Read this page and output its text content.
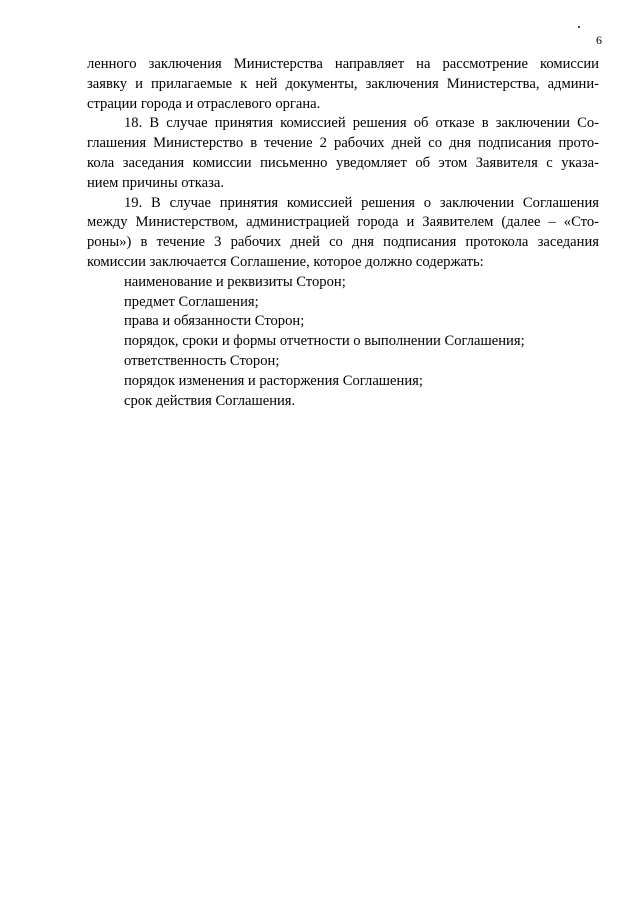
6

ленного заключения Министерства направляет на рассмотрение комиссии
заявку и прилагаемые к ней документы, заключения Министерства, админи-
страции города и отраслевого органа.

18. В случае принятия комиссией решения об отказе в заключении Со-
глашения Министерство в течение 2 рабочих дней со дня подписания прото-
кола заседания комиссии письменно уведомляет об этом Заявителя с указа-
нием причины отказа.

19. В случае принятия комиссией решения о заключении Соглашения
между Министерством, администрацией города и Заявителем (далее – «Сто-
роны») в течение 3 рабочих дней со дня подписания протокола заседания
комиссии заключается Соглашение, которое должно содержать:

наименование и реквизиты Сторон;
предмет Соглашения;
права и обязанности Сторон;
порядок, сроки и формы отчетности о выполнении Соглашения;
ответственность Сторон;
порядок изменения и расторжения Соглашения;
срок действия Соглашения.
